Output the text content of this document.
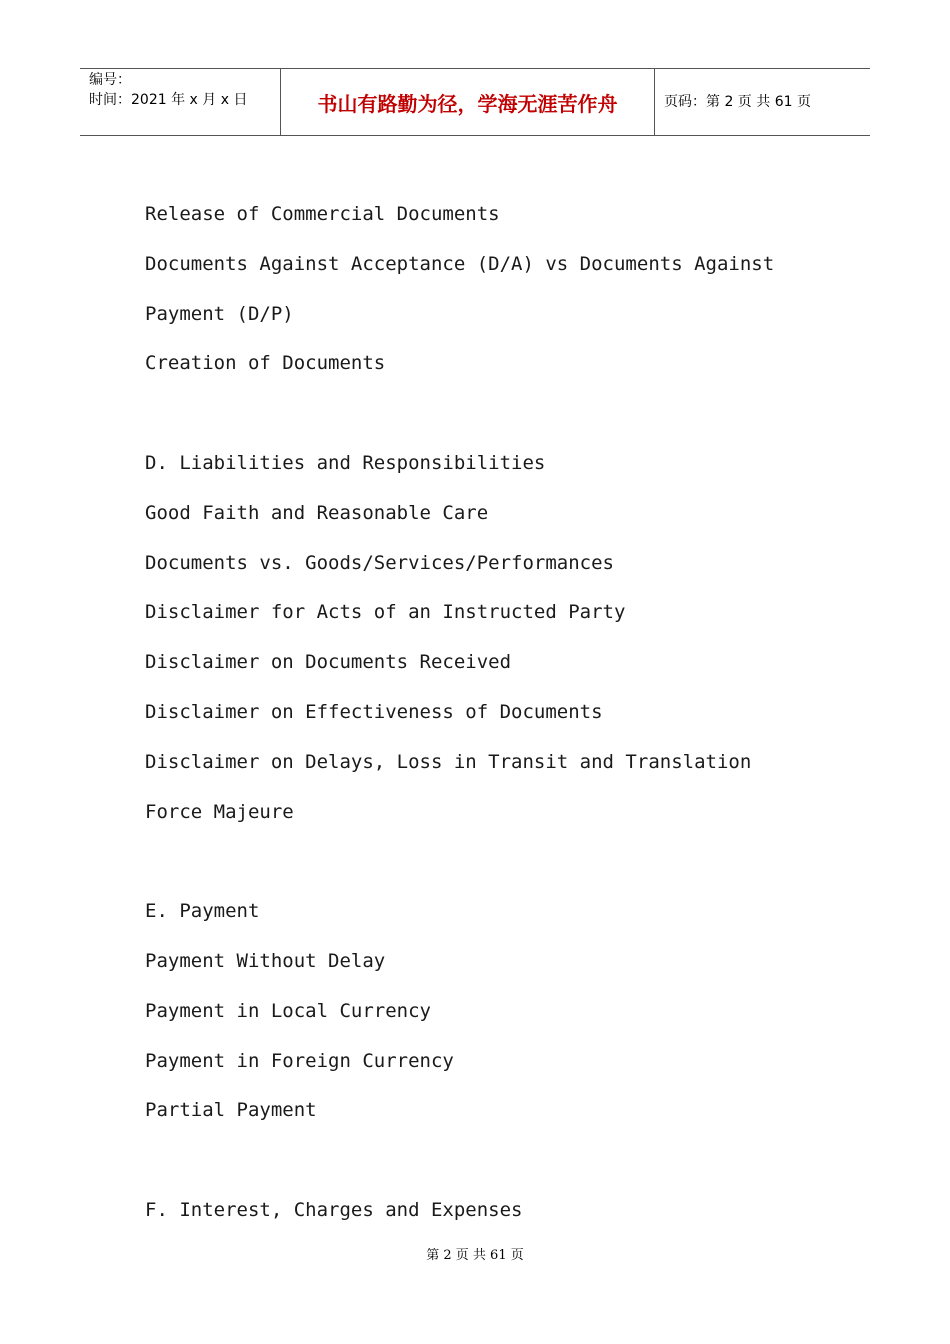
编号：
时间：2021 年 x 月 x 日	书山有路勤为径，学海无涯苦作舟	页码：第 2 页 共 61 页
Release of Commercial Documents
Documents Against Acceptance (D/A) vs Documents Against
Payment (D/P)
Creation of Documents
D. Liabilities and Responsibilities
Good Faith and Reasonable Care
Documents vs. Goods/Services/Performances
Disclaimer for Acts of an Instructed Party
Disclaimer on Documents Received
Disclaimer on Effectiveness of Documents
Disclaimer on Delays, Loss in Transit and Translation
Force Majeure
E. Payment
Payment Without Delay
Payment in Local Currency
Payment in Foreign Currency
Partial Payment
F. Interest, Charges and Expenses
第 2 页 共 61 页
